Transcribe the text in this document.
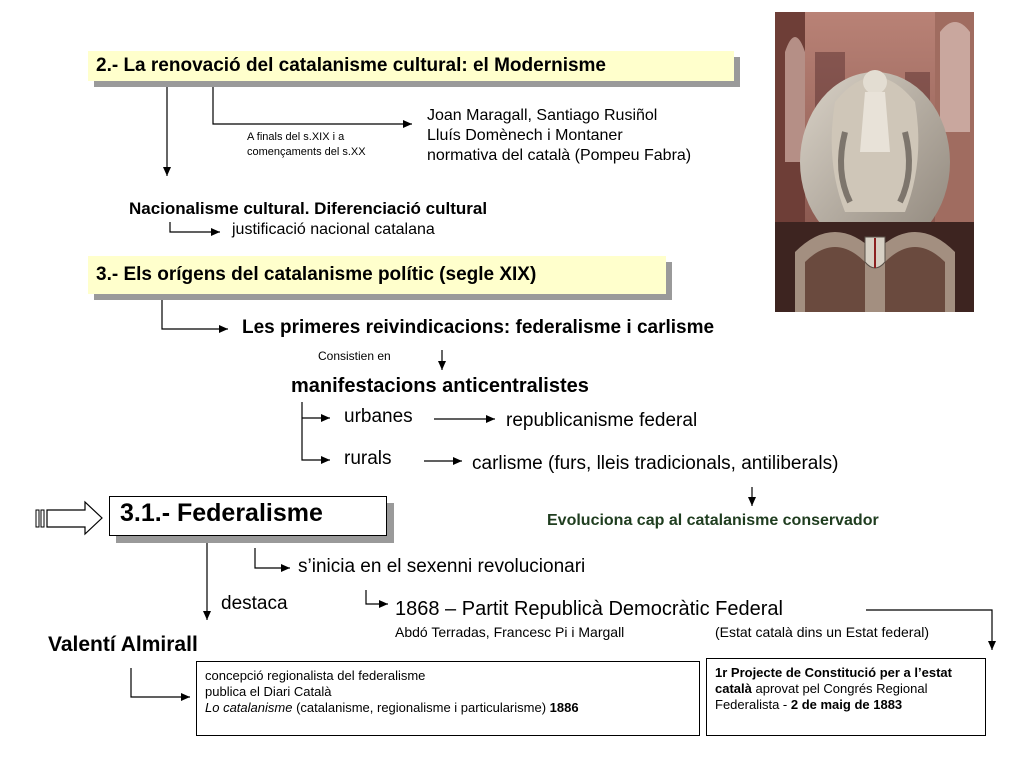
2.- La renovació del catalanisme cultural: el Modernisme
A finals del s.XIX i a
començaments del s.XX
Joan Maragall, Santiago Rusiñol
Lluís Domènech i Montaner
normativa del català (Pompeu Fabra)
Nacionalisme cultural. Diferenciació cultural
justificació nacional catalana
3.- Els orígens del catalanisme polític (segle XIX)
Les primeres reivindicacions: federalisme i carlisme
Consistien en
manifestacions anticentralistes
urbanes	republicanisme federal
rurals	carlisme (furs, lleis tradicionals, antiliberals)
Evoluciona cap al catalanisme conservador
3.1.- Federalisme
s’inicia en el sexenni revolucionari
destaca	1868 – Partit Republicà Democràtic Federal
Abdó Terradas, Francesc Pi i Margall	(Estat català dins un Estat federal)
Valentí Almirall
concepció regionalista del federalisme
publica el Diari Català
Lo catalanisme (catalanisme, regionalisme i particularisme) 1886
1r Projecte de Constitució per a l’estat
català aprovat pel Congrés Regional
Federalista - 2 de maig de 1883
